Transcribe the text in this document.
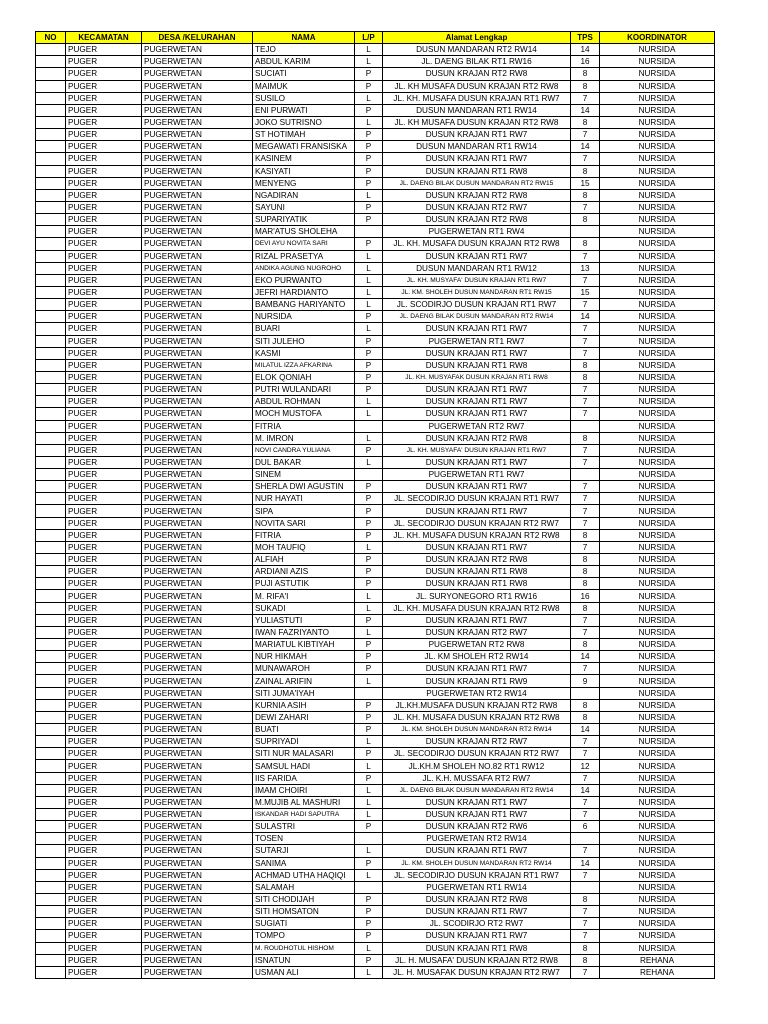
NO	KECAMATAN	DESA /KELURAHAN	NAMA	L/P	Alamat Lengkap	TPS	KOORDINATOR
	PUGER	PUGERWETAN	TEJO	L	DUSUN MANDARAN RT2 RW14	14	NURSIDA
	PUGER	PUGERWETAN	ABDUL KARIM	L	JL. DAENG BILAK RT1 RW16	16	NURSIDA
	PUGER	PUGERWETAN	SUCIATI	P	DUSUN KRAJAN RT2 RW8	8	NURSIDA
	PUGER	PUGERWETAN	MAIMUK	P	JL. KH MUSAFA DUSUN KRAJAN RT2 RW8	8	NURSIDA
	PUGER	PUGERWETAN	SUSILO	L	JL. KH. MUSAFA DUSUN KRAJAN RT1 RW7	7	NURSIDA
	PUGER	PUGERWETAN	ENI PURWATI	P	DUSUN MANDARAN RT1 RW14	14	NURSIDA
	PUGER	PUGERWETAN	JOKO SUTRISNO	L	JL. KH MUSAFA DUSUN KRAJAN RT2 RW8	8	NURSIDA
	PUGER	PUGERWETAN	ST HOTIMAH	P	DUSUN KRAJAN RT1 RW7	7	NURSIDA
	PUGER	PUGERWETAN	MEGAWATI FRANSISKA	P	DUSUN MANDARAN RT1 RW14	14	NURSIDA
	PUGER	PUGERWETAN	KASINEM	P	DUSUN KRAJAN RT1 RW7	7	NURSIDA
	PUGER	PUGERWETAN	KASIYATI	P	DUSUN KRAJAN RT1 RW8	8	NURSIDA
	PUGER	PUGERWETAN	MENYENG	P	JL. DAENG BILAK DUSUN MANDARAN RT2 RW15	15	NURSIDA
	PUGER	PUGERWETAN	NGADIRAN	L	DUSUN KRAJAN RT2 RW8	8	NURSIDA
	PUGER	PUGERWETAN	SAYUNI	P	DUSUN KRAJAN RT2 RW7	7	NURSIDA
	PUGER	PUGERWETAN	SUPARIYATIK	P	DUSUN KRAJAN RT2 RW8	8	NURSIDA
	PUGER	PUGERWETAN	MAR'ATUS SHOLEHA		PUGERWETAN RT1 RW4		NURSIDA
	PUGER	PUGERWETAN	DEVI AYU NOVITA SARI	P	JL. KH. MUSAFA DUSUN KRAJAN RT2 RW8	8	NURSIDA
	PUGER	PUGERWETAN	RIZAL PRASETYA	L	DUSUN KRAJAN RT1 RW7	7	NURSIDA
	PUGER	PUGERWETAN	ANDIKA AGUNG NUGROHO	L	DUSUN MANDARAN RT1 RW12	13	NURSIDA
	PUGER	PUGERWETAN	EKO PURWANTO	L	JL. KH. MUSYAFA' DUSUN KRAJAN RT1 RW7	7	NURSIDA
	PUGER	PUGERWETAN	JEFRI HARDIANTO	L	JL. KM. SHOLEH DUSUN MANDARAN RT1 RW15	15	NURSIDA
	PUGER	PUGERWETAN	BAMBANG HARIYANTO	L	JL. SCODIRJO DUSUN KRAJAN RT1 RW7	7	NURSIDA
	PUGER	PUGERWETAN	NURSIDA	P	JL. DAENG BILAK DUSUN MANDARAN RT2 RW14	14	NURSIDA
	PUGER	PUGERWETAN	BUARI	L	DUSUN KRAJAN RT1 RW7	7	NURSIDA
	PUGER	PUGERWETAN	SITI JULEHO	P	PUGERWETAN RT1 RW7	7	NURSIDA
	PUGER	PUGERWETAN	KASMI	P	DUSUN KRAJAN RT1 RW7	7	NURSIDA
	PUGER	PUGERWETAN	MILATUL IZZA AFKARINA	P	DUSUN KRAJAN RT1 RW8	8	NURSIDA
	PUGER	PUGERWETAN	ELOK QONIAH	P	JL. KH. MUSYAFAK DUSUN KRAJAN RT1 RW8	8	NURSIDA
	PUGER	PUGERWETAN	PUTRI WULANDARI	P	DUSUN KRAJAN RT1 RW7	7	NURSIDA
	PUGER	PUGERWETAN	ABDUL ROHMAN	L	DUSUN KRAJAN RT1 RW7	7	NURSIDA
	PUGER	PUGERWETAN	MOCH MUSTOFA	L	DUSUN KRAJAN RT1 RW7	7	NURSIDA
	PUGER	PUGERWETAN	FITRIA		PUGERWETAN RT2 RW7		NURSIDA
	PUGER	PUGERWETAN	M. IMRON	L	DUSUN KRAJAN RT2 RW8	8	NURSIDA
	PUGER	PUGERWETAN	NOVI CANDRA YULIANA	P	JL. KH. MUSYAFA' DUSUN KRAJAN RT1 RW7	7	NURSIDA
	PUGER	PUGERWETAN	DUL BAKAR	L	DUSUN KRAJAN RT1 RW7	7	NURSIDA
	PUGER	PUGERWETAN	SINEM		PUGERWETAN RT1 RW7		NURSIDA
	PUGER	PUGERWETAN	SHERLA DWI AGUSTIN	P	DUSUN KRAJAN RT1 RW7	7	NURSIDA
	PUGER	PUGERWETAN	NUR HAYATI	P	JL. SECODIRJO DUSUN KRAJAN RT1 RW7	7	NURSIDA
	PUGER	PUGERWETAN	SIPA	P	DUSUN KRAJAN RT1 RW7	7	NURSIDA
	PUGER	PUGERWETAN	NOVITA SARI	P	JL. SECODIRJO DUSUN KRAJAN RT2 RW7	7	NURSIDA
	PUGER	PUGERWETAN	FITRIA	P	JL. KH. MUSAFA DUSUN KRAJAN RT2 RW8	8	NURSIDA
	PUGER	PUGERWETAN	MOH TAUFIQ	L	DUSUN KRAJAN RT1 RW7	7	NURSIDA
	PUGER	PUGERWETAN	ALFIAH	P	DUSUN KRAJAN RT2 RW8	8	NURSIDA
	PUGER	PUGERWETAN	ARDIANI AZIS	P	DUSUN KRAJAN RT1 RW8	8	NURSIDA
	PUGER	PUGERWETAN	PUJI ASTUTIK	P	DUSUN KRAJAN RT1 RW8	8	NURSIDA
	PUGER	PUGERWETAN	M. RIFA'I	L	JL. SURYONEGORO RT1 RW16	16	NURSIDA
	PUGER	PUGERWETAN	SUKADI	L	JL. KH. MUSAFA DUSUN KRAJAN RT2 RW8	8	NURSIDA
	PUGER	PUGERWETAN	YULIASTUTI	P	DUSUN KRAJAN RT1 RW7	7	NURSIDA
	PUGER	PUGERWETAN	IWAN FAZRIYANTO	L	DUSUN KRAJAN RT2 RW7	7	NURSIDA
	PUGER	PUGERWETAN	MARIATUL KIBTIYAH	P	PUGERWETAN RT2 RW8	8	NURSIDA
	PUGER	PUGERWETAN	NUR HIKMAH	P	JL. KM SHOLEH RT2 RW14	14	NURSIDA
	PUGER	PUGERWETAN	MUNAWAROH	P	DUSUN KRAJAN RT1 RW7	7	NURSIDA
	PUGER	PUGERWETAN	ZAINAL ARIFIN	L	DUSUN KRAJAN RT1 RW9	9	NURSIDA
	PUGER	PUGERWETAN	SITI JUMA'IYAH		PUGERWETAN RT2 RW14		NURSIDA
	PUGER	PUGERWETAN	KURNIA ASIH	P	JL.KH.MUSAFA DUSUN KRAJAN RT2 RW8	8	NURSIDA
	PUGER	PUGERWETAN	DEWI ZAHARI	P	JL. KH. MUSAFA DUSUN KRAJAN RT2 RW8	8	NURSIDA
	PUGER	PUGERWETAN	BUATI	P	JL. KM. SHOLEH DUSUN MANDARAN RT2 RW14	14	NURSIDA
	PUGER	PUGERWETAN	SUPRIYADI	L	DUSUN KRAJAN RT2 RW7	7	NURSIDA
	PUGER	PUGERWETAN	SITI NUR MALASARI	P	JL. SECODIRJO DUSUN KRAJAN RT2 RW7	7	NURSIDA
	PUGER	PUGERWETAN	SAMSUL HADI	L	JL.KH.M SHOLEH NO.82 RT1 RW12	12	NURSIDA
	PUGER	PUGERWETAN	IIS FARIDA	P	JL. K.H. MUSSAFA RT2 RW7	7	NURSIDA
	PUGER	PUGERWETAN	IMAM CHOIRI	L	JL. DAENG BILAK DUSUN MANDARAN RT2 RW14	14	NURSIDA
	PUGER	PUGERWETAN	M.MUJIB AL MASHURI	L	DUSUN KRAJAN RT1 RW7	7	NURSIDA
	PUGER	PUGERWETAN	ISKANDAR HADI SAPUTRA	L	DUSUN KRAJAN RT1 RW7	7	NURSIDA
	PUGER	PUGERWETAN	SULASTRI	P	DUSUN KRAJAN RT2 RW6	6	NURSIDA
	PUGER	PUGERWETAN	TOSEN		PUGERWETAN RT2 RW14		NURSIDA
	PUGER	PUGERWETAN	SUTARJI	L	DUSUN KRAJAN RT1 RW7	7	NURSIDA
	PUGER	PUGERWETAN	SANIMA	P	JL. KM. SHOLEH DUSUN MANDARAN RT2 RW14	14	NURSIDA
	PUGER	PUGERWETAN	ACHMAD UTHA HAQIQI	L	JL. SECODIRJO DUSUN KRAJAN RT1 RW7	7	NURSIDA
	PUGER	PUGERWETAN	SALAMAH		PUGERWETAN RT1 RW14		NURSIDA
	PUGER	PUGERWETAN	SITI CHODIJAH	P	DUSUN KRAJAN RT2 RW8	8	NURSIDA
	PUGER	PUGERWETAN	SITI HOMSATON	P	DUSUN KRAJAN RT1 RW7	7	NURSIDA
	PUGER	PUGERWETAN	SUGIATI	P	JL. SCODIRJO RT2 RW7	7	NURSIDA
	PUGER	PUGERWETAN	TOMPO	P	DUSUN KRAJAN RT1 RW7	7	NURSIDA
	PUGER	PUGERWETAN	M. ROUDHOTUL HISHOM	L	DUSUN KRAJAN RT1 RW8	8	NURSIDA
	PUGER	PUGERWETAN	ISNATUN	P	JL. H. MUSAFA' DUSUN KRAJAN RT2 RW8	8	REHANA
	PUGER	PUGERWETAN	USMAN ALI	L	JL. H. MUSAFAK DUSUN KRAJAN RT2 RW7	7	REHANA
